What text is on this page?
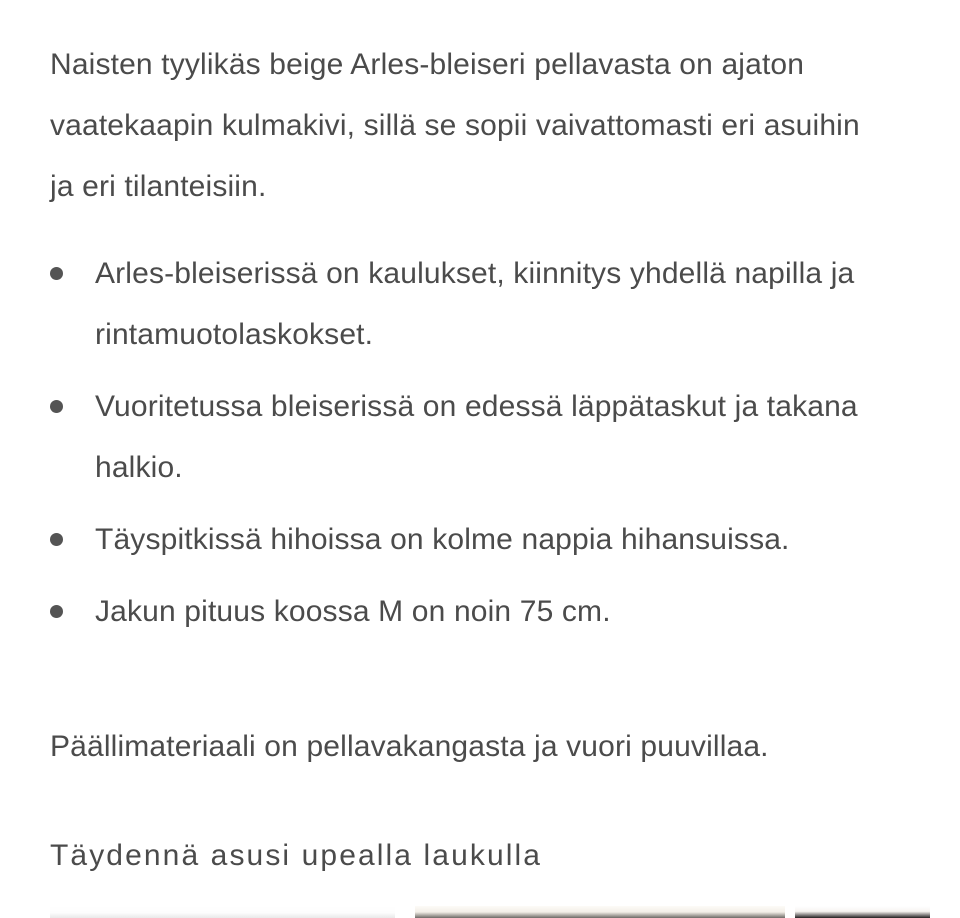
Naisten tyylikäs beige Arles-bleiseri pellavasta on ajaton vaatekaapin kulmakivi, sillä se sopii vaivattomasti eri asuihin ja eri tilanteisiin.

Arles-bleiserissä on kaulukset, kiinnitys yhdellä napilla ja rintamuotolaskokset.
Vuoritetussa bleiserissä on edessä läppätaskut ja takana halkio.
Täyspitkissä hihoissa on kolme nappia hihansuissa.
Jakun pituus koossa M on noin 75 cm.

Päällimateriaali on pellavakangasta ja vuori puuvillaa.

Täydennä asusi upealla laukulla
